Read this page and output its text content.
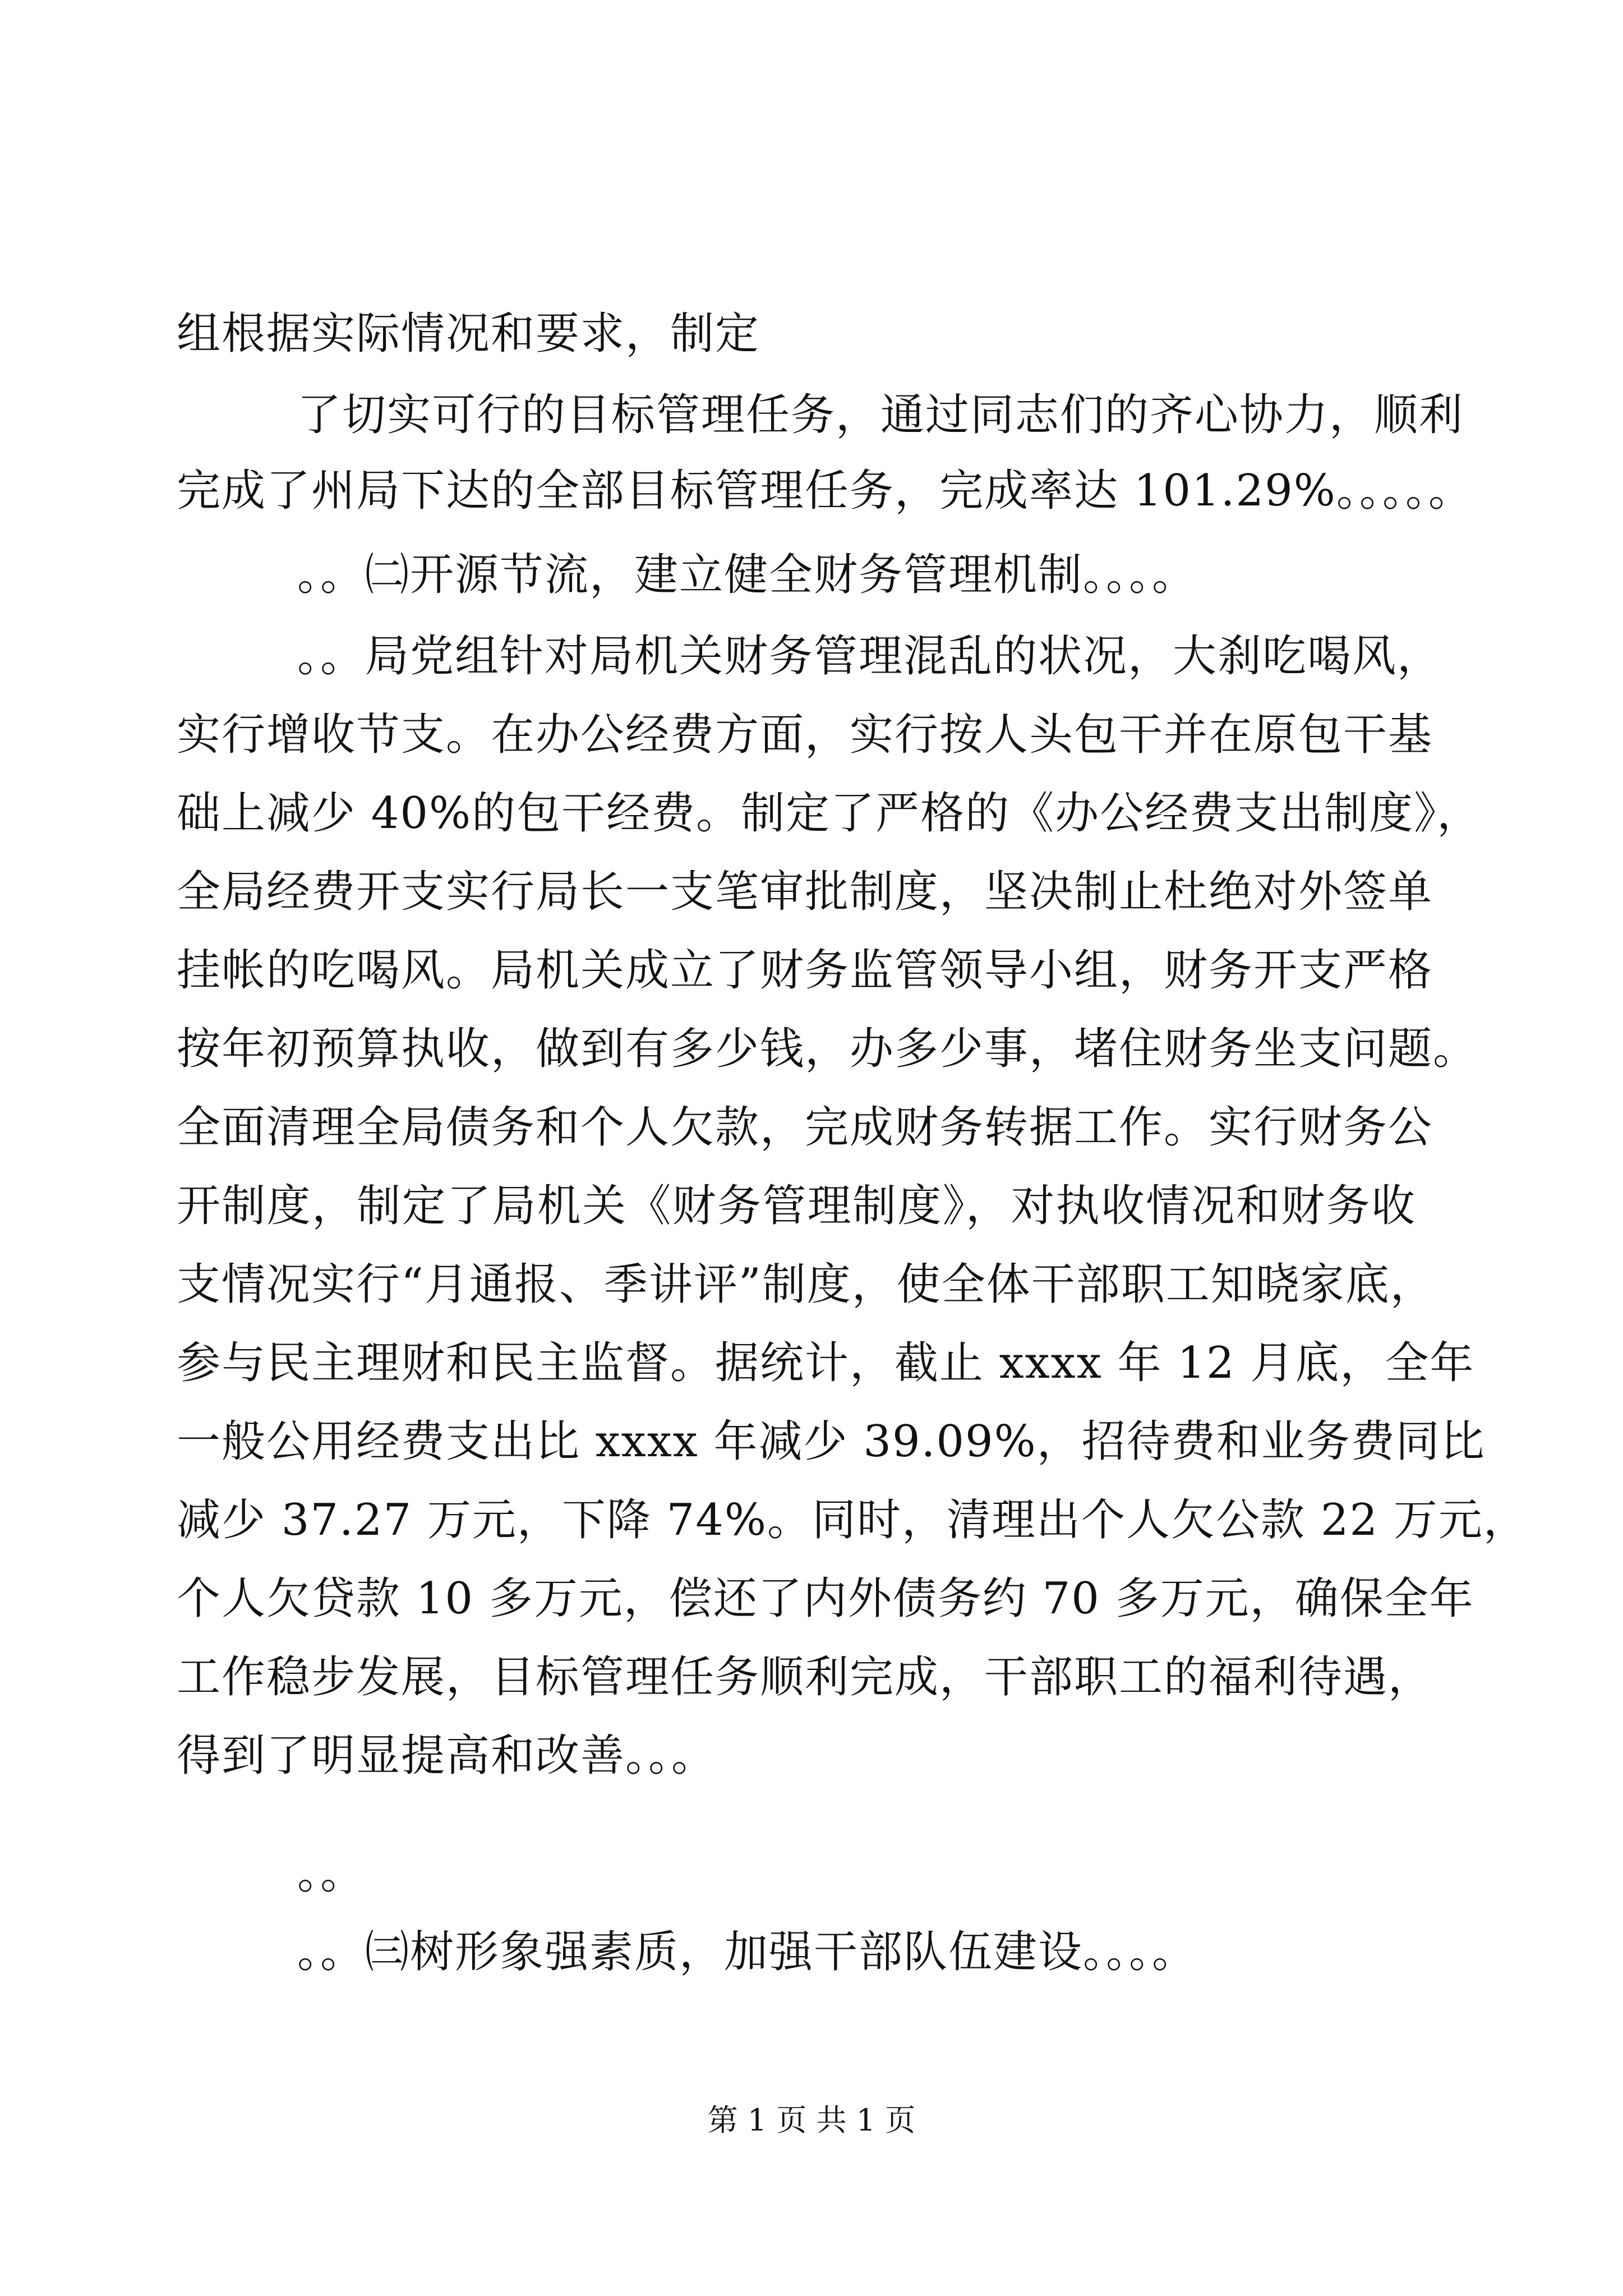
组根据实际情况和要求，制定
了切实可行的目标管理任务，通过同志们的齐心协力，顺利
完成了州局下达的全部目标管理任务，完成率达 101.29%。。。。。
。。㈡开源节流，建立健全财务管理机制。。。。
。。局党组针对局机关财务管理混乱的状况，大刹吃喝风，
实行增收节支。在办公经费方面，实行按人头包干并在原包干基
础上减少 40%的包干经费。制定了严格的《办公经费支出制度》，
全局经费开支实行局长一支笔审批制度，坚决制止杜绝对外签单
挂帐的吃喝风。局机关成立了财务监管领导小组，财务开支严格
按年初预算执收，做到有多少钱，办多少事，堵住财务坐支问题。
全面清理全局债务和个人欠款，完成财务转据工作。实行财务公
开制度，制定了局机关《财务管理制度》，对执收情况和财务收
支情况实行“月通报、季讲评”制度，使全体干部职工知晓家底，
参与民主理财和民主监督。据统计，截止 xxxx 年 12 月底，全年
一般公用经费支出比 xxxx 年减少 39.09%，招待费和业务费同比
减少 37.27 万元，下降 74%。同时，清理出个人欠公款 22 万元，
个人欠贷款 10 多万元，偿还了内外债务约 70 多万元，确保全年
工作稳步发展，目标管理任务顺利完成，干部职工的福利待遇，
得到了明显提高和改善。。。
。。
。。㈢树形象强素质，加强干部队伍建设。。。。
第 1 页 共 1 页
